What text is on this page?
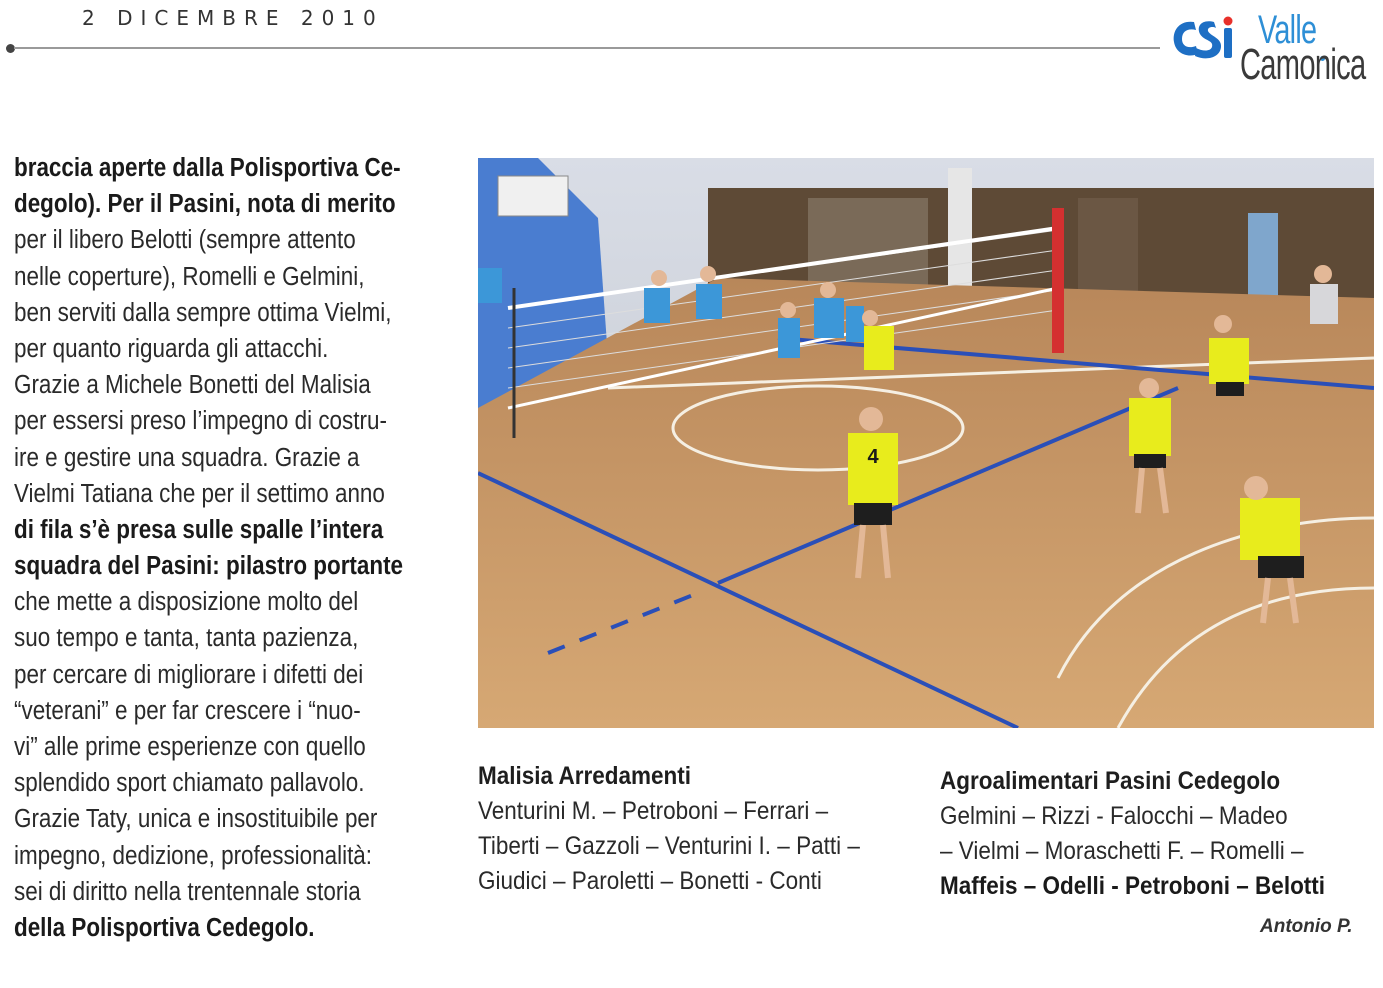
2 DICEMBRE 2010	Valle
Camonica
braccia aperte dalla Polisportiva Ce-
degolo). Per il Pasini, nota di merito
per il libero Belotti (sempre attento
nelle coperture), Romelli e Gelmini,
ben serviti dalla sempre ottima Vielmi,
per quanto riguarda gli attacchi.
Grazie a Michele Bonetti del Malisia
per essersi preso l’impegno di costru-
ire e gestire una squadra. Grazie a
Vielmi Tatiana che per il settimo anno
di fila s’è presa sulle spalle l’intera
squadra del Pasini: pilastro portante
che mette a disposizione molto del
suo tempo e tanta, tanta pazienza,
per cercare di migliorare i difetti dei
“veterani” e per far crescere i “nuo-
vi” alle prime esperienze con quello
splendido sport chiamato pallavolo.
Grazie Taty, unica e insostituibile per
impegno, dedizione, professionalità:
sei di diritto nella trentennale storia
della Polisportiva Cedegolo.
4
Malisia Arredamenti
Venturini M. – Petroboni – Ferrari –
Tiberti – Gazzoli – Venturini I. – Patti –
Giudici – Paroletti – Bonetti - Conti
Agroalimentari Pasini Cedegolo
Gelmini – Rizzi - Falocchi – Madeo
– Vielmi – Moraschetti F. – Romelli –
Maffeis – Odelli - Petroboni – Belotti
Antonio P.
